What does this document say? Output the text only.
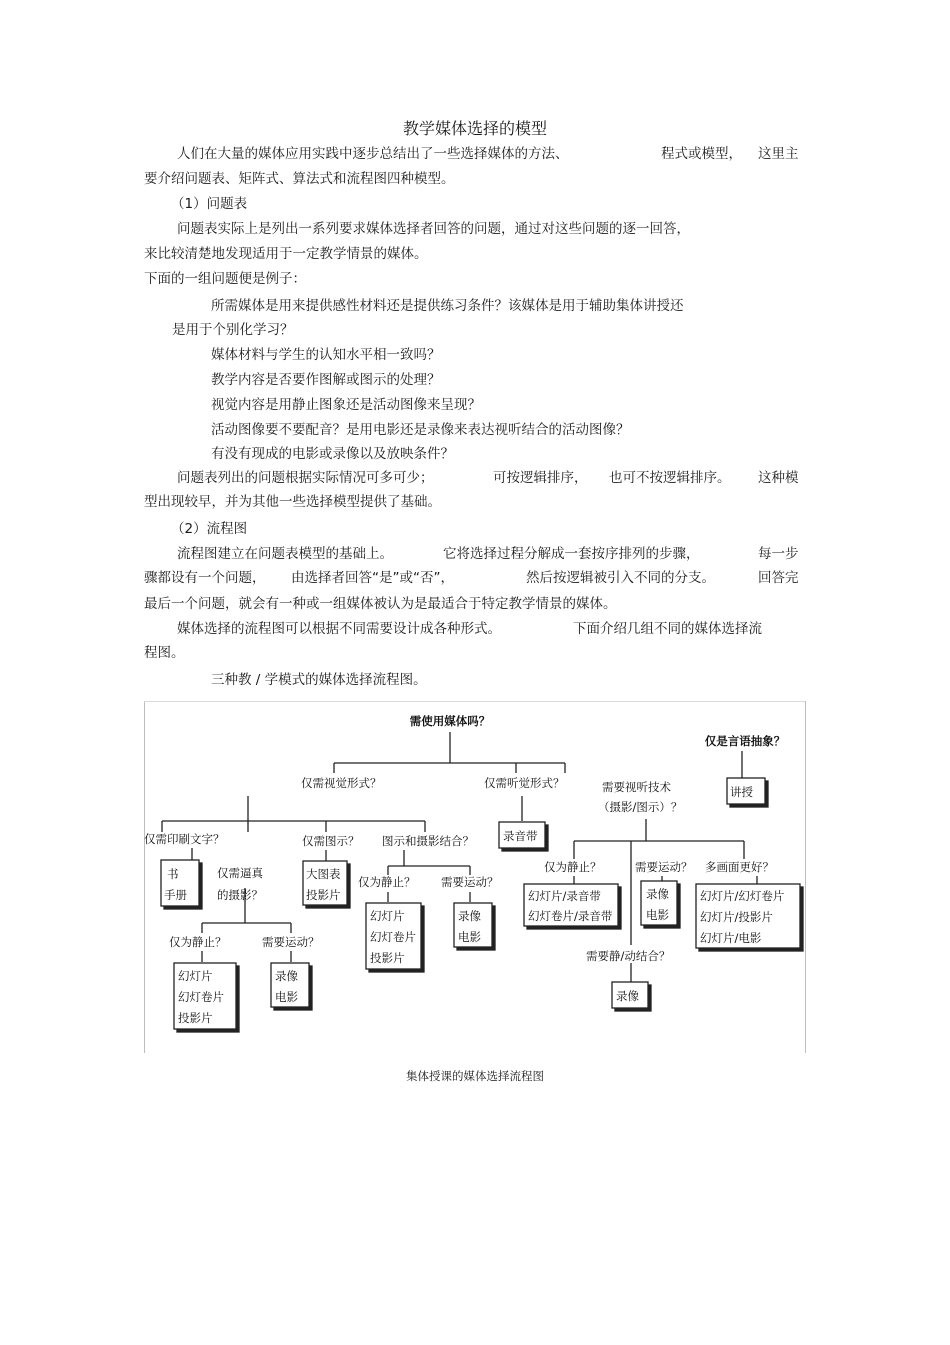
教学媒体选择的模型
人们在大量的媒体应用实践中逐步总结出了一些选择媒体的方法、	程式或模型， 这里主
要介绍问题表、矩阵式、算法式和流程图四种模型。
（1）问题表
问题表实际上是列出一系列要求媒体选择者回答的问题，通过对这些问题的逐一回答，
来比较清楚地发现适用于一定教学情景的媒体。
下面的一组问题便是例子：
所需媒体是用来提供感性材料还是提供练习条件？该媒体是用于辅助集体讲授还
是用于个别化学习？
媒体材料与学生的认知水平相一致吗？
教学内容是否要作图解或图示的处理？
视觉内容是用静止图象还是活动图像来呈现？
活动图像要不要配音？是用电影还是录像来表达视听结合的活动图像？
有没有现成的电影或录像以及放映条件？
问题表列出的问题根据实际情况可多可少；	可按逻辑排序， 也可不按逻辑排序。 这种模
型出现较早，并为其他一些选择模型提供了基础。
（2）流程图
流程图建立在问题表模型的基础上。	它将选择过程分解成一套按序排列的步骤，	每一步
骤都设有一个问题， 由选择者回答“是”或“否”，	然后按逻辑被引入不同的分支。	回答完
最后一个问题，就会有一种或一组媒体被认为是最适合于特定教学情景的媒体。
媒体选择的流程图可以根据不同需要设计成各种形式。	下面介绍几组不同的媒体选择流
程图。
三种教 / 学模式的媒体选择流程图。
需使用媒体吗？
仅是言语抽象？
讲授
仅需视觉形式？	仅需听觉形式？	需要视听技术
（摄影/图示）？
仅需印刷文字？
书
手册
仅需逼真
的摄影？
仅为静止？	需要运动？
幻灯片
幻灯卷片
投影片
录像
电影
仅需图示？
大图表
投影片
图示和摄影结合？
仅为静止？ 需要运动？
幻灯片
幻灯卷片
投影片
录像
电影
录音带
仅为静止？
幻灯片/录音带
幻灯卷片/录音带
需要运动？
录像
电影
多画面更好？
幻灯片/幻灯卷片
幻灯片/投影片
幻灯片/电影
需要静/动结合？
录像
集体授课的媒体选择流程图
